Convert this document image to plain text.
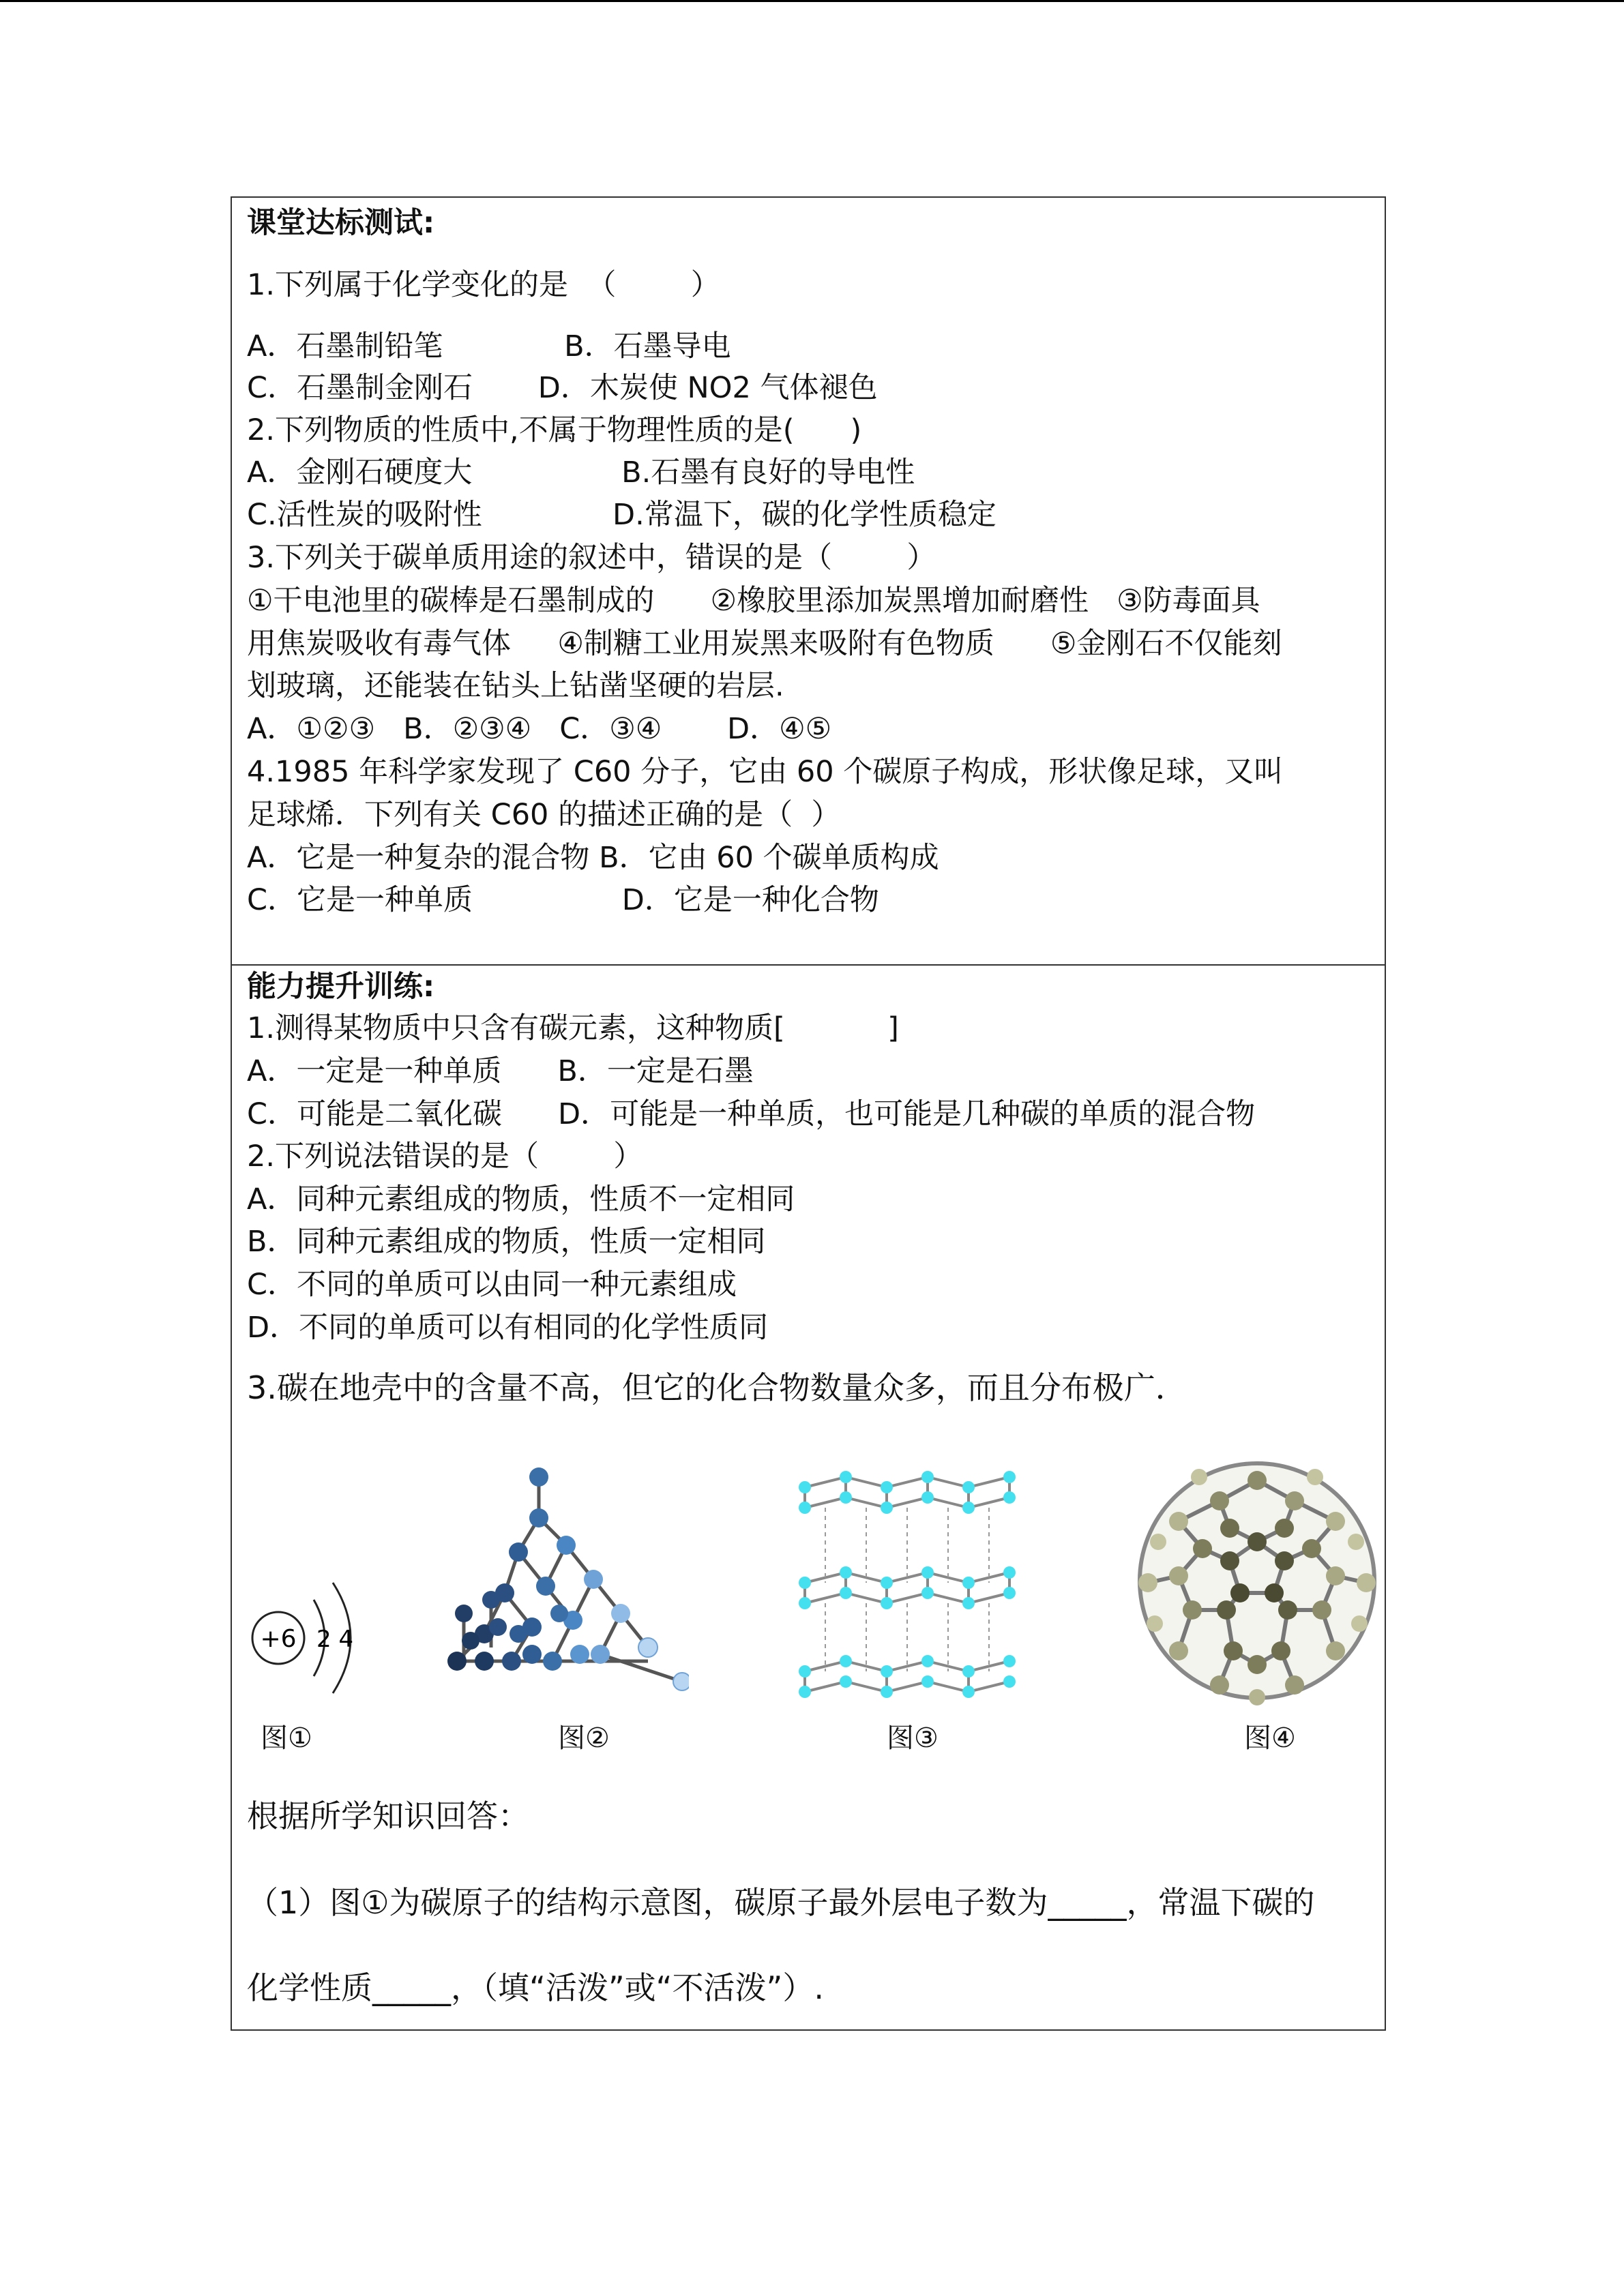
课堂达标测试:
1.下列属于化学变化的是  （        ）
A．石墨制铅笔             B．石墨导电
C．石墨制金刚石       D．木炭使 NO2 气体褪色
2.下列物质的性质中,不属于物理性质的是(      )
A．金刚石硬度大                B.石墨有良好的导电性
C.活性炭的吸附性              D.常温下，碳的化学性质稳定
3.下列关于碳单质用途的叙述中，错误的是（        ）
①干电池里的碳棒是石墨制成的      ②橡胶里添加炭黑增加耐磨性   ③防毒面具
用焦炭吸收有毒气体     ④制糖工业用炭黑来吸附有色物质      ⑤金刚石不仅能刻
划玻璃，还能装在钻头上钻凿坚硬的岩层.
A．①②③   B．②③④   C．③④       D．④⑤
4.1985 年科学家发现了 C60 分子，它由 60 个碳原子构成，形状像足球，又叫
足球烯．下列有关 C60 的描述正确的是（  ）
A．它是一种复杂的混合物 B．它由 60 个碳单质构成
C．它是一种单质                D．它是一种化合物
能力提升训练:
1.测得某物质中只含有碳元素，这种物质[           ]
A．一定是一种单质      B．一定是石墨
C．可能是二氧化碳      D．可能是一种单质，也可能是几种碳的单质的混合物
2.下列说法错误的是（        ）
A．同种元素组成的物质，性质不一定相同
B．同种元素组成的物质，性质一定相同
C．不同的单质可以由同一种元素组成
D．不同的单质可以有相同的化学性质同
3.碳在地壳中的含量不高，但它的化合物数量众多，而且分布极广．
+6 2 4
图①	图②	图③	图④
根据所学知识回答：
（1）图①为碳原子的结构示意图，碳原子最外层电子数为_____，常温下碳的
化学性质_____，（填“活泼”或“不活泼”）.
